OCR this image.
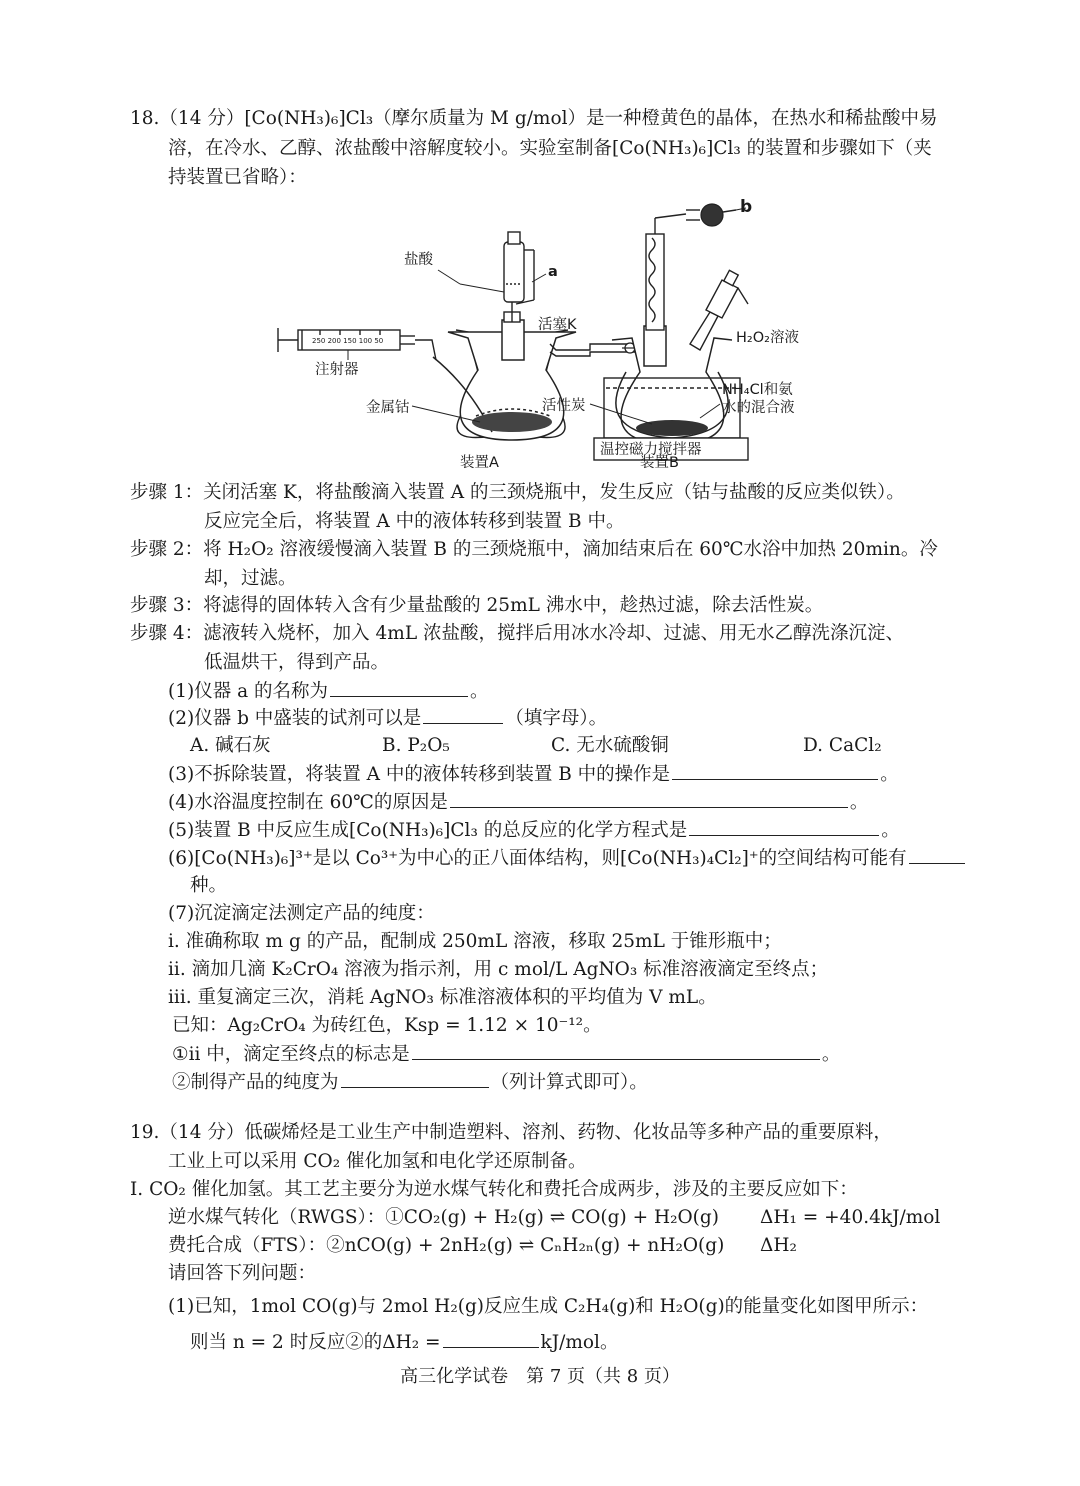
18.（14 分）[Co(NH₃)₆]Cl₃（摩尔质量为 M g/mol）是一种橙黄色的晶体，在热水和稀盐酸中易
溶，在冷水、乙醇、浓盐酸中溶解度较小。实验室制备[Co(NH₃)₆]Cl₃ 的装置和步骤如下（夹
持装置已省略）：
250 200 150 100 50
注射器
盐酸
a
金属钴
装置A
活塞K
温控磁力搅拌器
活性炭
NH₄Cl和氨
水的混合液
装置B
b
H₂O₂溶液
步骤 1：关闭活塞 K，将盐酸滴入装置 A 的三颈烧瓶中，发生反应（钴与盐酸的反应类似铁）。
反应完全后，将装置 A 中的液体转移到装置 B 中。
步骤 2：将 H₂O₂ 溶液缓慢滴入装置 B 的三颈烧瓶中，滴加结束后在 60℃水浴中加热 20min。冷
却，过滤。
步骤 3：将滤得的固体转入含有少量盐酸的 25mL 沸水中，趁热过滤，除去活性炭。
步骤 4：滤液转入烧杯，加入 4mL 浓盐酸，搅拌后用冰水冷却、过滤、用无水乙醇洗涤沉淀、
低温烘干，得到产品。
(1)仪器 a 的名称为	。
(2)仪器 b 中盛装的试剂可以是	（填字母）。
A. 碱石灰	B. P₂O₅	C. 无水硫酸铜	D. CaCl₂
(3)不拆除装置，将装置 A 中的液体转移到装置 B 中的操作是	。
(4)水浴温度控制在 60℃的原因是	。
(5)装置 B 中反应生成[Co(NH₃)₆]Cl₃ 的总反应的化学方程式是	。
(6)[Co(NH₃)₆]³⁺是以 Co³⁺为中心的正八面体结构，则[Co(NH₃)₄Cl₂]⁺的空间结构可能有
种。
(7)沉淀滴定法测定产品的纯度：
i. 准确称取 m g 的产品，配制成 250mL 溶液，移取 25mL 于锥形瓶中；
ii. 滴加几滴 K₂CrO₄ 溶液为指示剂，用 c mol/L AgNO₃ 标准溶液滴定至终点；
iii. 重复滴定三次，消耗 AgNO₃ 标准溶液体积的平均值为 V mL。
已知：Ag₂CrO₄ 为砖红色，Ksp = 1.12 × 10⁻¹²。
①ii 中，滴定至终点的标志是	。
②制得产品的纯度为	（列计算式即可）。
19.（14 分）低碳烯烃是工业生产中制造塑料、溶剂、药物、化妆品等多种产品的重要原料，
工业上可以采用 CO₂ 催化加氢和电化学还原制备。
Ⅰ. CO₂ 催化加氢。其工艺主要分为逆水煤气转化和费托合成两步，涉及的主要反应如下：
逆水煤气转化（RWGS）：①CO₂(g) + H₂(g) ⇌ CO(g) + H₂O(g) ΔH₁ = +40.4kJ/mol
费托合成（FTS）：②nCO(g) + 2nH₂(g) ⇌ CₙH₂ₙ(g) + nH₂O(g) ΔH₂
请回答下列问题：
(1)已知，1mol CO(g)与 2mol H₂(g)反应生成 C₂H₄(g)和 H₂O(g)的能量变化如图甲所示：
则当 n = 2 时反应②的ΔH₂ =	kJ/mol。
高三化学试卷　第 7 页（共 8 页）
